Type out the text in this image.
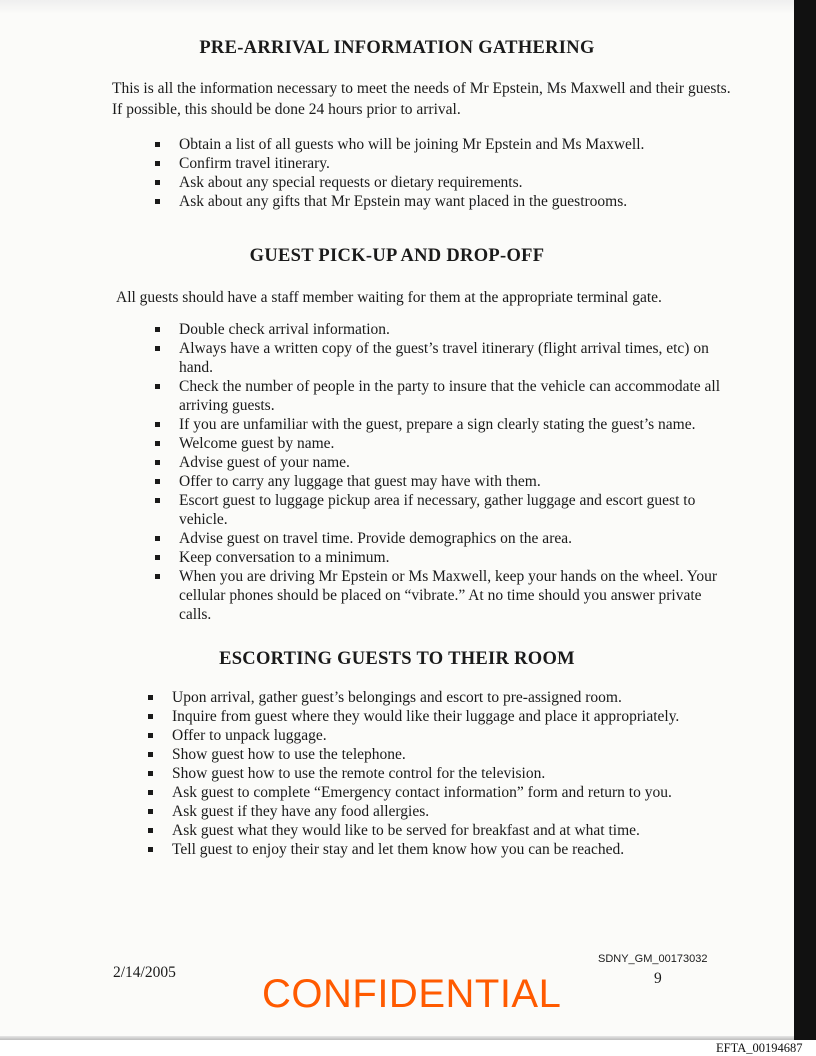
PRE-ARRIVAL INFORMATION GATHERING

This is all the information necessary to meet the needs of Mr Epstein, Ms Maxwell and their guests. If possible, this should be done 24 hours prior to arrival.

Obtain a list of all guests who will be joining Mr Epstein and Ms Maxwell.
Confirm travel itinerary.
Ask about any special requests or dietary requirements.
Ask about any gifts that Mr Epstein may want placed in the guestrooms.
GUEST PICK-UP AND DROP-OFF

All guests should have a staff member waiting for them at the appropriate terminal gate.

Double check arrival information.
Always have a written copy of the guest’s travel itinerary (flight arrival times, etc) on hand.
Check the number of people in the party to insure that the vehicle can accommodate all arriving guests.
If you are unfamiliar with the guest, prepare a sign clearly stating the guest’s name.
Welcome guest by name.
Advise guest of your name.
Offer to carry any luggage that guest may have with them.
Escort guest to luggage pickup area if necessary, gather luggage and escort guest to vehicle.
Advise guest on travel time. Provide demographics on the area.
Keep conversation to a minimum.
When you are driving Mr Epstein or Ms Maxwell, keep your hands on the wheel. Your cellular phones should be placed on “vibrate.” At no time should you answer private calls.
ESCORTING GUESTS TO THEIR ROOM
Upon arrival, gather guest’s belongings and escort to pre-assigned room.
Inquire from guest where they would like their luggage and place it appropriately.
Offer to unpack luggage.
Show guest how to use the telephone.
Show guest how to use the remote control for the television.
Ask guest to complete “Emergency contact information” form and return to you.
Ask guest if they have any food allergies.
Ask guest what they would like to be served for breakfast and at what time.
Tell guest to enjoy their stay and let them know how you can be reached.
2/14/2005
SDNY_GM_00173032
9
CONFIDENTIAL
EFTA_00194687
